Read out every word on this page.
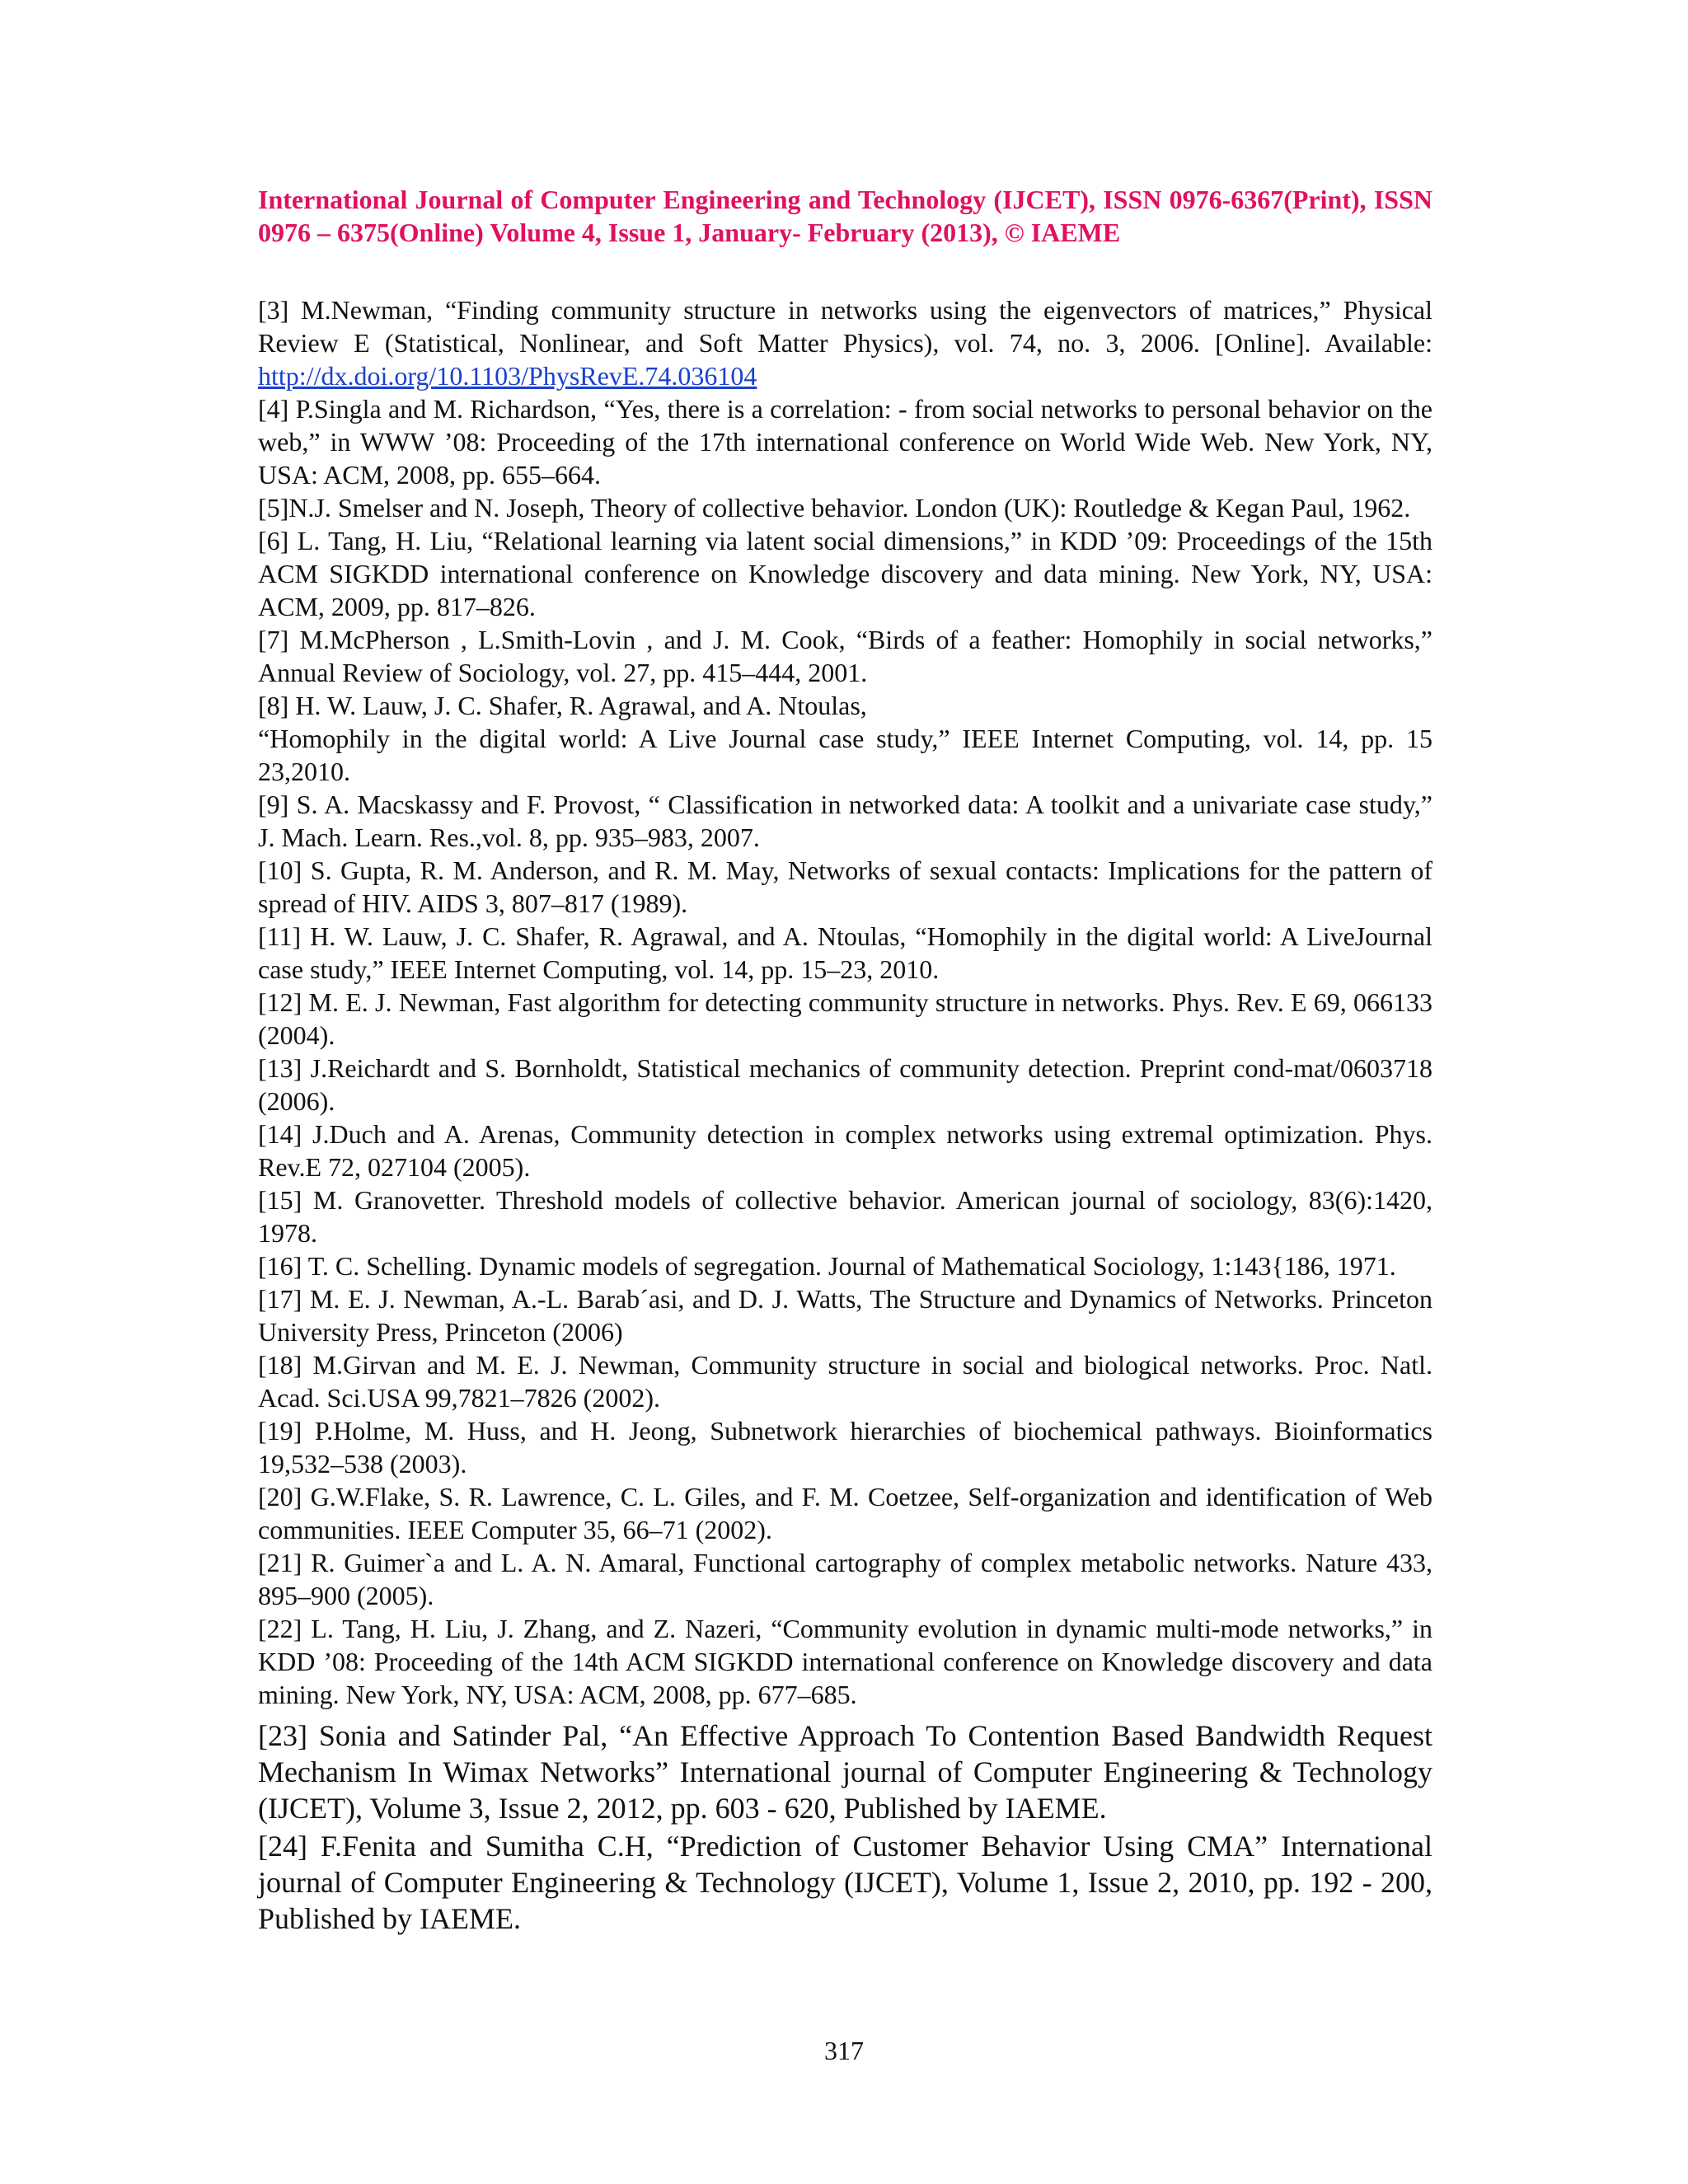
International Journal of Computer Engineering and Technology (IJCET), ISSN 0976-6367(Print), ISSN 0976 – 6375(Online) Volume 4, Issue 1, January- February (2013), © IAEME

[3] M.Newman, “Finding community structure in networks using the eigenvectors of matrices,” Physical Review E (Statistical, Nonlinear, and Soft Matter Physics), vol. 74, no. 3, 2006. [Online]. Available: http://dx.doi.org/10.1103/PhysRevE.74.036104

[4] P.Singla and M. Richardson, “Yes, there is a correlation: - from social networks to personal behavior on the web,” in WWW ’08: Proceeding of the 17th international conference on World Wide Web. New York, NY, USA: ACM, 2008, pp. 655–664.

[5]N.J. Smelser and N. Joseph, Theory of collective behavior. London (UK): Routledge & Kegan Paul, 1962.

[6] L. Tang, H. Liu, “Relational learning via latent social dimensions,” in KDD ’09: Proceedings of the 15th ACM SIGKDD international conference on Knowledge discovery and data mining. New York, NY, USA: ACM, 2009, pp. 817–826.

[7] M.McPherson , L.Smith-Lovin , and J. M. Cook, “Birds of a feather: Homophily in social networks,” Annual Review of Sociology, vol. 27, pp. 415–444, 2001.

[8] H. W. Lauw, J. C. Shafer, R. Agrawal, and A. Ntoulas,

“Homophily in the digital world: A Live Journal case study,” IEEE Internet Computing, vol. 14, pp. 15 23,2010.

[9] S. A. Macskassy and F. Provost, “ Classification in networked data: A toolkit and a univariate case study,” J. Mach. Learn. Res.,vol. 8, pp. 935–983, 2007.

[10] S. Gupta, R. M. Anderson, and R. M. May, Networks of sexual contacts: Implications for the pattern of spread of HIV. AIDS 3, 807–817 (1989).

[11] H. W. Lauw, J. C. Shafer, R. Agrawal, and A. Ntoulas, “Homophily in the digital world: A LiveJournal case study,” IEEE Internet Computing, vol. 14, pp. 15–23, 2010.

[12] M. E. J. Newman, Fast algorithm for detecting community structure in networks. Phys. Rev. E 69, 066133 (2004).

[13] J.Reichardt and S. Bornholdt, Statistical mechanics of community detection. Preprint cond-mat/0603718 (2006).

[14] J.Duch and A. Arenas, Community detection in complex networks using extremal optimization. Phys. Rev.E 72, 027104 (2005).

[15] M. Granovetter. Threshold models of collective behavior. American journal of sociology, 83(6):1420, 1978.

[16] T. C. Schelling. Dynamic models of segregation. Journal of Mathematical Sociology, 1:143{186, 1971.

[17] M. E. J. Newman, A.-L. Barab´asi, and D. J. Watts, The Structure and Dynamics of Networks. Princeton University Press, Princeton (2006)

[18] M.Girvan and M. E. J. Newman, Community structure in social and biological networks. Proc. Natl. Acad. Sci.USA 99,7821–7826 (2002).

[19] P.Holme, M. Huss, and H. Jeong, Subnetwork hierarchies of biochemical pathways. Bioinformatics 19,532–538 (2003).

[20] G.W.Flake, S. R. Lawrence, C. L. Giles, and F. M. Coetzee, Self-organization and identification of Web communities. IEEE Computer 35, 66–71 (2002).

[21] R. Guimer`a and L. A. N. Amaral, Functional cartography of complex metabolic networks. Nature 433, 895–900 (2005).

[22] L. Tang, H. Liu, J. Zhang, and Z. Nazeri, “Community evolution in dynamic multi-mode networks,” in KDD ’08: Proceeding of the 14th ACM SIGKDD international conference on Knowledge discovery and data mining. New York, NY, USA: ACM, 2008, pp. 677–685.

[23] Sonia and Satinder Pal, “An Effective Approach To Contention Based Bandwidth Request Mechanism In Wimax Networks” International journal of Computer Engineering & Technology (IJCET), Volume 3, Issue 2, 2012, pp. 603 - 620, Published by IAEME.

[24] F.Fenita and Sumitha C.H, “Prediction of Customer Behavior Using CMA” International journal of Computer Engineering & Technology (IJCET), Volume 1, Issue 2, 2010, pp. 192 - 200, Published by IAEME.

317
